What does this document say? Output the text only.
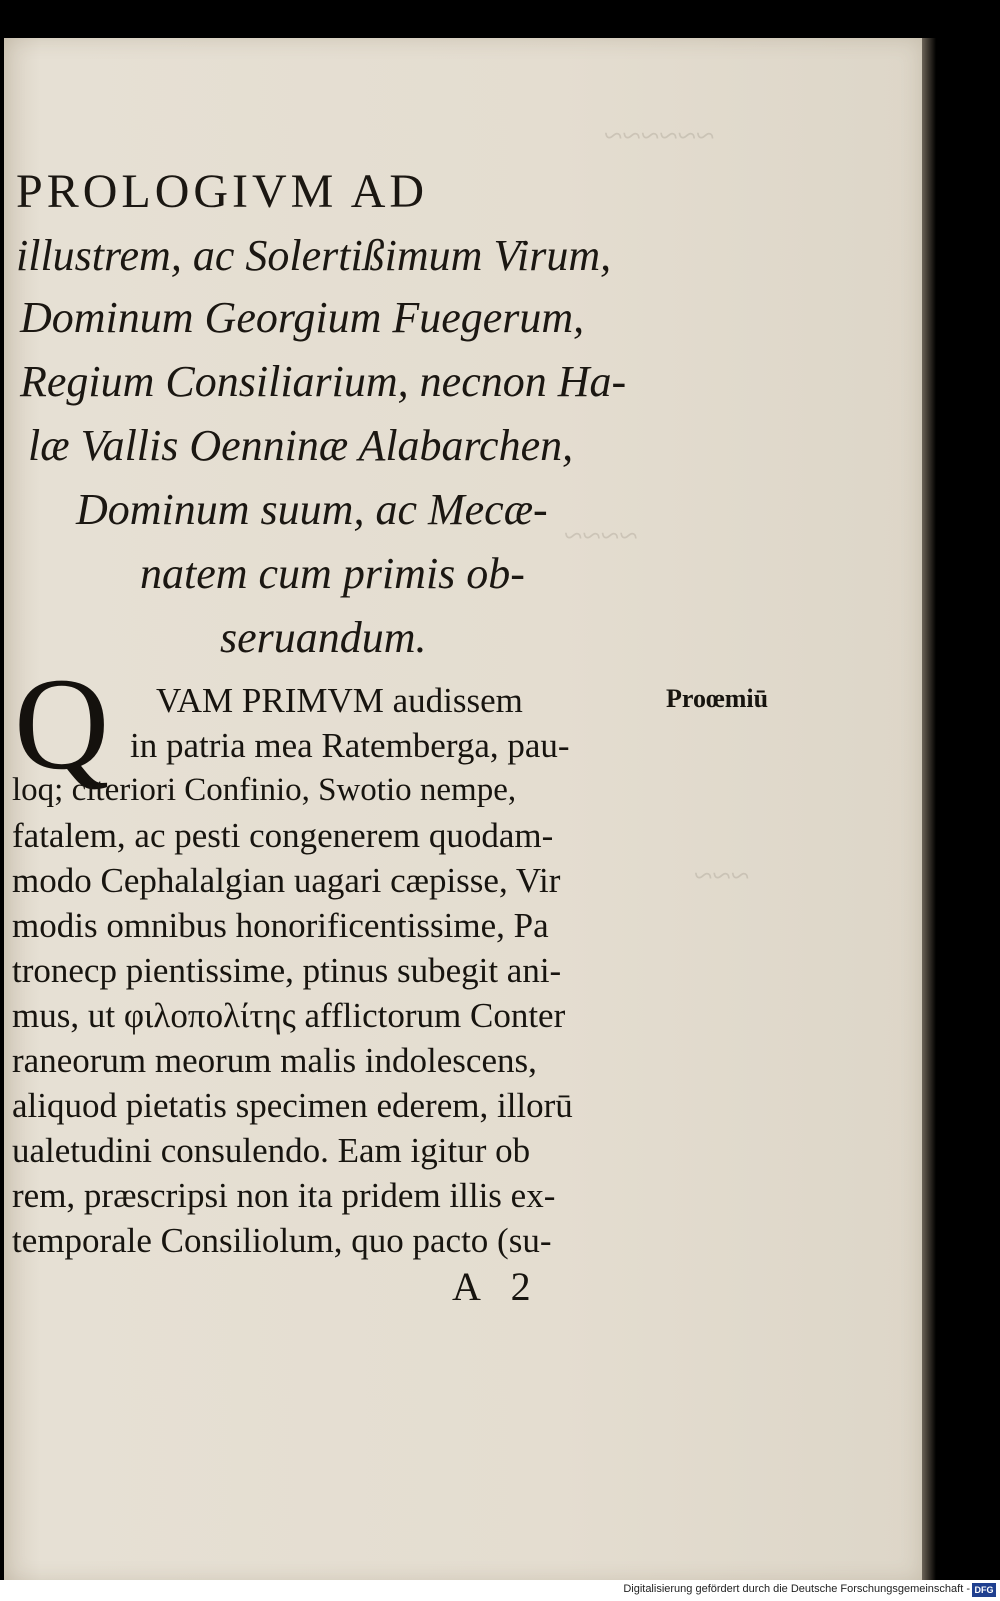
~~~~~~
~~~~
~~~
PROLOGIVM AD
illustrem, ac Solertißimum Virum,
Dominum Georgium Fuegerum,
Regium Consiliarium, necnon Ha-
læ Vallis Oenninæ Alabarchen,
Dominum suum, ac Mecæ-
natem cum primis ob-
seruandum.
Q	VAM PRIMVM audissem
in patria mea Ratemberga, pau-
loq; citeriori Confinio, Swotio nempe,
fatalem, ac pesti congenerem quodam-
modo Cephalalgian uagari cæpisse, Vir
modis omnibus honorificentissime, Pa
tronecp pientissime, ptinus subegit ani-
mus, ut φιλοπολίτης afflictorum Conter
raneorum meorum malis indolescens,
aliquod pietatis specimen ederem, illorū
ualetudini consulendo. Eam igitur ob
rem, præscripsi non ita pridem illis ex-
temporale Consiliolum, quo pacto (su-
Proœmiū
A 2
Digitalisierung gefördert durch die Deutsche Forschungsgemeinschaft - DFG
